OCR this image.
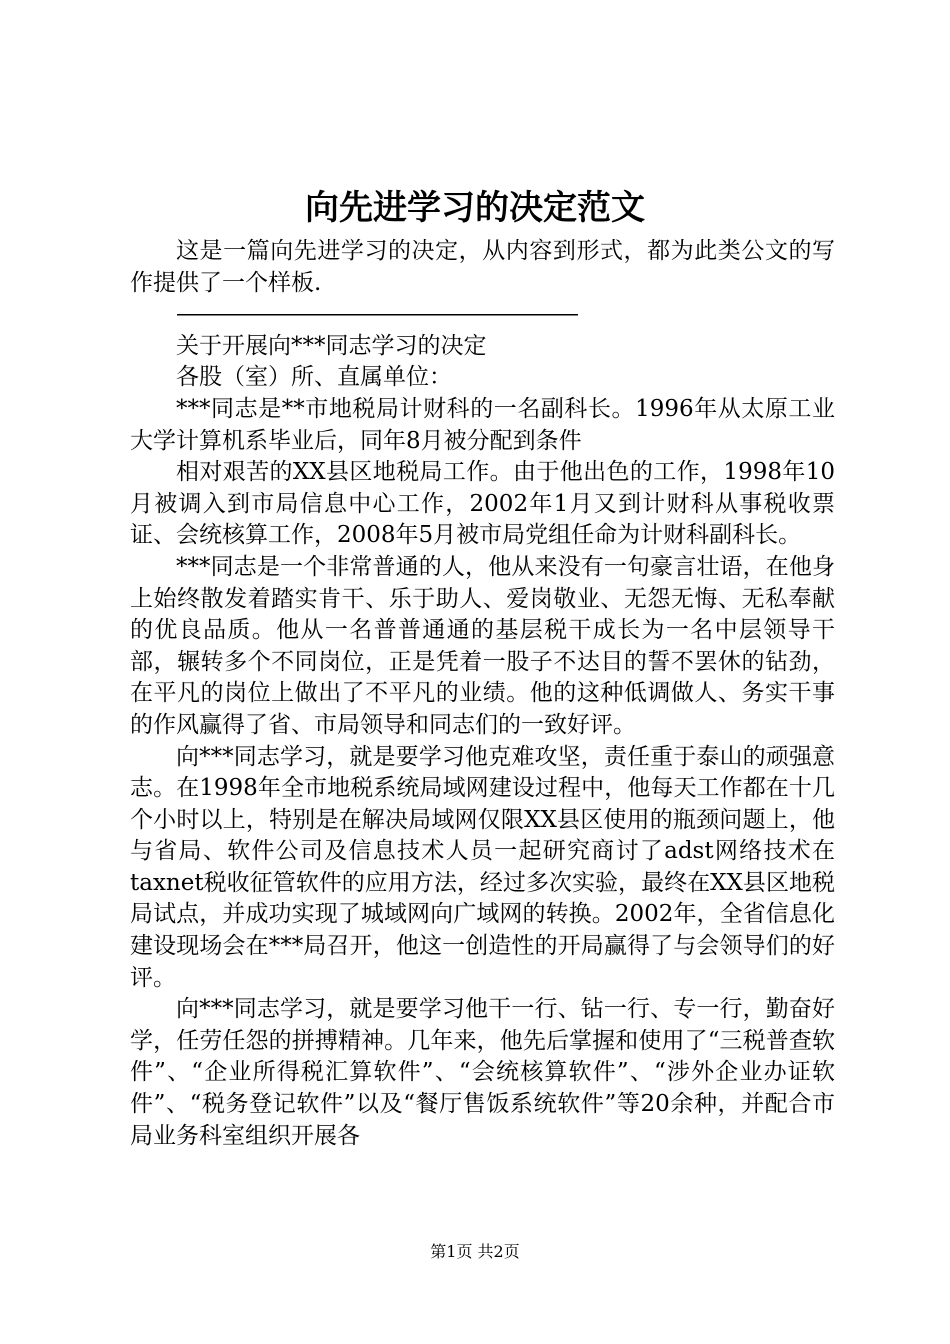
向先进学习的决定范文

这是一篇向先进学习的决定，从内容到形式，都为此类公文的写作提供了一个样板.

————————————————————

关于开展向***同志学习的决定

各股（室）所、直属单位：

***同志是**市地税局计财科的一名副科长。1996年从太原工业大学计算机系毕业后，同年8月被分配到条件

相对艰苦的XX县区地税局工作。由于他出色的工作，1998年10月被调入到市局信息中心工作，2002年1月又到计财科从事税收票证、会统核算工作，2008年5月被市局党组任命为计财科副科长。

***同志是一个非常普通的人，他从来没有一句豪言壮语，在他身上始终散发着踏实肯干、乐于助人、爱岗敬业、无怨无悔、无私奉献的优良品质。他从一名普普通通的基层税干成长为一名中层领导干部，辗转多个不同岗位，正是凭着一股子不达目的誓不罢休的钻劲，在平凡的岗位上做出了不平凡的业绩。他的这种低调做人、务实干事的作风赢得了省、市局领导和同志们的一致好评。

向***同志学习，就是要学习他克难攻坚，责任重于泰山的顽强意志。在1998年全市地税系统局域网建设过程中，他每天工作都在十几个小时以上，特别是在解决局域网仅限XX县区使用的瓶颈问题上，他与省局、软件公司及信息技术人员一起研究商讨了adst网络技术在taxnet税收征管软件的应用方法，经过多次实验，最终在XX县区地税局试点，并成功实现了城域网向广域网的转换。2002年，全省信息化建设现场会在***局召开，他这一创造性的开局赢得了与会领导们的好评。

向***同志学习，就是要学习他干一行、钻一行、专一行，勤奋好学，任劳任怨的拼搏精神。几年来，他先后掌握和使用了“三税普查软件”、“企业所得税汇算软件”、“会统核算软件”、“涉外企业办证软件”、“税务登记软件”以及“餐厅售饭系统软件”等20余种，并配合市局业务科室组织开展各

第1页 共2页
